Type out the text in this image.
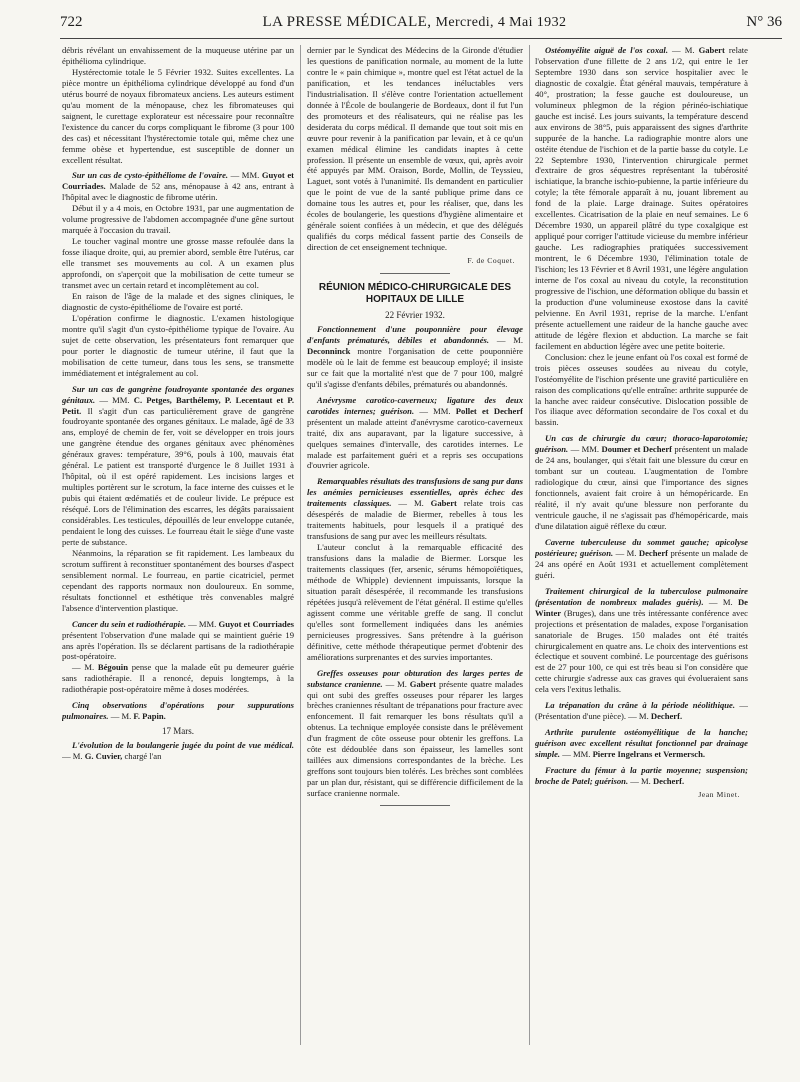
722	LA PRESSE MÉDICALE, Mercredi, 4 Mai 1932	N° 36

débris révélant un envahissement de la muqueuse utérine par un épithélioma cylindrique.

Hystérectomie totale le 5 Février 1932. Suites excellentes. La pièce montre un épithélioma cylindrique développé au fond d'un utérus bourré de noyaux fibromateux anciens. Les auteurs estiment qu'au moment de la ménopause, chez les fibromateuses qui saignent, le curettage explorateur est nécessaire pour reconnaître l'existence du cancer du corps compliquant le fibrome (3 pour 100 des cas) et nécessitant l'hystérectomie totale qui, même chez une femme obèse et hypertendue, est susceptible de donner un excellent résultat.

Sur un cas de cysto-épithéliome de l'ovaire. — MM. Guyot et Courriades. Malade de 52 ans, ménopause à 42 ans, entrant à l'hôpital avec le diagnostic de fibrome utérin.

Début il y a 4 mois, en Octobre 1931, par une augmentation de volume progressive de l'abdomen accompagnée d'une gêne surtout marquée à l'occasion du travail.

Le toucher vaginal montre une grosse masse refoulée dans la fosse iliaque droite, qui, au premier abord, semble être l'utérus, car elle transmet ses mouvements au col. A un examen plus approfondi, on s'aperçoit que la mobilisation de cette tumeur se transmet avec un certain retard et incomplètement au col.

En raison de l'âge de la malade et des signes cliniques, le diagnostic de cysto-épithéliome de l'ovaire est porté.

L'opération confirme le diagnostic. L'examen histologique montre qu'il s'agit d'un cysto-épithéliome typique de l'ovaire. Au sujet de cette observation, les présentateurs font remarquer que pour porter le diagnostic de tumeur utérine, il faut que la mobilisation de cette tumeur, dans tous les sens, se transmette immédiatement et intégralement au col.

Sur un cas de gangrène foudroyante spontanée des organes génitaux. — MM. C. Petges, Barthélemy, P. Lecentaut et P. Petit. Il s'agit d'un cas particulièrement grave de gangrène foudroyante spontanée des organes génitaux. Le malade, âgé de 33 ans, employé de chemin de fer, voit se développer en trois jours une gangrène étendue des organes génitaux avec phénomènes généraux graves: température, 39°6, pouls à 100, mauvais état général. Le patient est transporté d'urgence le 8 Juillet 1931 à l'hôpital, où il est opéré rapidement. Les incisions larges et multiples portèrent sur le scrotum, la face interne des cuisses et le pubis qui étaient œdématiés et de couleur livide. Le prépuce est réséqué. Lors de l'élimination des escarres, les dégâts paraissaient considérables. Les testicules, dépouillés de leur enveloppe cutanée, pendaient le long des cuisses. Le fourreau était le siège d'une vaste perte de substance.

Néanmoins, la réparation se fit rapidement. Les lambeaux du scrotum suffirent à reconstituer spontanément des bourses d'aspect sensiblement normal. Le fourreau, en partie cicatriciel, permet cependant des rapports normaux non douloureux. En somme, résultats fonctionnel et esthétique très convenables malgré l'absence d'intervention plastique.

Cancer du sein et radiothérapie. — MM. Guyot et Courriades présentent l'observation d'une malade qui se maintient guérie 19 ans après l'opération. Ils se déclarent partisans de la radiothérapie post-opératoire.

— M. Bégouin pense que la malade eût pu demeurer guérie sans radiothérapie. Il a renoncé, depuis longtemps, à la radiothérapie post-opératoire même à doses modérées.

Cinq observations d'opérations pour suppurations pulmonaires. — M. F. Papin.

17 Mars.

L'évolution de la boulangerie jugée du point de vue médical. — M. G. Cuvier, chargé l'an

dernier par le Syndicat des Médecins de la Gironde d'étudier les questions de panification normale, au moment de la lutte contre le « pain chimique », montre quel est l'état actuel de la panification, et les tendances inéluctables vers l'industrialisation. Il s'élève contre l'orientation actuellement donnée à l'École de boulangerie de Bordeaux, dont il fut l'un des promoteurs et des réalisateurs, qui ne réalise pas les desiderata du corps médical. Il demande que tout soit mis en œuvre pour revenir à la panification par levain, et à ce qu'un examen médical élimine les candidats inaptes à cette profession. Il présente un ensemble de vœux, qui, après avoir été appuyés par MM. Oraison, Borde, Mollin, de Teyssieu, Laguet, sont votés à l'unanimité. Ils demandent en particulier que le point de vue de la santé publique prime dans ce domaine tous les autres et, pour les réaliser, que, dans les écoles de boulangerie, les questions d'hygiène alimentaire et générale soient confiées à un médecin, et que des délégués qualifiés du corps médical fassent partie des Conseils de direction de cet enseignement technique.

F. de Coquet.

RÉUNION MÉDICO-CHIRURGICALE DES HOPITAUX DE LILLE

22 Février 1932.

Fonctionnement d'une pouponnière pour élevage d'enfants prématurés, débiles et abandonnés. — M. Deconninck montre l'organisation de cette pouponnière modèle où le lait de femme est beaucoup employé; il insiste sur ce fait que la mortalité n'est que de 7 pour 100, malgré qu'il s'agisse d'enfants débiles, prématurés ou abandonnés.

Anévrysme carotico-caverneux; ligature des deux carotides internes; guérison. — MM. Pollet et Decherf présentent un malade atteint d'anévrysme carotico-caverneux traité, dix ans auparavant, par la ligature successive, à quelques semaines d'intervalle, des carotides internes. Le malade est parfaitement guéri et a repris ses occupations d'ouvrier agricole.

Remarquables résultats des transfusions de sang pur dans les anémies pernicieuses essentielles, après échec des traitements classiques. — M. Gabert relate trois cas désespérés de maladie de Biermer, rebelles à tous les traitements habituels, pour lesquels il a pratiqué des transfusions de sang pur avec les meilleurs résultats.

L'auteur conclut à la remarquable efficacité des transfusions dans la maladie de Biermer. Lorsque les traitements classiques (fer, arsenic, sérums hémopoïétiques, méthode de Whipple) deviennent impuissants, lorsque la situation paraît désespérée, il recommande les transfusions répétées jusqu'à relèvement de l'état général. Il estime qu'elles agissent comme une véritable greffe de sang. Il conclut qu'elles sont formellement indiquées dans les anémies pernicieuses progressives. Sans prétendre à la guérison définitive, cette méthode thérapeutique permet d'obtenir des améliorations surprenantes et des survies importantes.

Greffes osseuses pour obturation des larges pertes de substance cranienne. — M. Gabert présente quatre malades qui ont subi des greffes osseuses pour réparer les larges brèches craniennes résultant de trépanations pour fracture avec enfoncement. Il fait remarquer les bons résultats qu'il a obtenus. La technique employée consiste dans le prélèvement d'un fragment de côte osseuse pour obtenir les greffons. La côte est dédoublée dans son épaisseur, les lamelles sont taillées aux dimensions correspondantes de la brèche. Les greffons sont toujours bien tolérés. Les brèches sont comblées par un plan dur, résistant, qui se différencie difficilement de la surface cranienne normale.

Ostéomyélite aiguë de l'os coxal. — M. Gabert relate l'observation d'une fillette de 2 ans 1/2, qui entre le 1er Septembre 1930 dans son service hospitalier avec le diagnostic de coxalgie. État général mauvais, température à 40°, prostration; la fesse gauche est douloureuse, un volumineux phlegmon de la région périnéo-ischiatique gauche est incisé. Les jours suivants, la température descend aux environs de 38°5, puis apparaissent des signes d'arthrite suppurée de la hanche. La radiographie montre alors une ostéite étendue de l'ischion et de la partie basse du cotyle. Le 22 Septembre 1930, l'intervention chirurgicale permet d'extraire de gros séquestres représentant la tubérosité ischiatique, la branche ischio-pubienne, la partie inférieure du cotyle; la tête fémorale apparaît à nu, jouant librement au fond de la plaie. Large drainage. Suites opératoires excellentes. Cicatrisation de la plaie en neuf semaines. Le 6 Décembre 1930, un appareil plâtré du type coxalgique est appliqué pour corriger l'attitude vicieuse du membre inférieur gauche. Les radiographies pratiquées successivement montrent, le 6 Décembre 1930, l'élimination totale de l'ischion; les 13 Février et 8 Avril 1931, une légère angulation interne de l'os coxal au niveau du cotyle, la reconstitution progressive de l'ischion, une déformation oblique du bassin et la production d'une volumineuse exostose dans la cavité pelvienne. En Avril 1931, reprise de la marche. L'enfant présente actuellement une raideur de la hanche gauche avec attitude de légère flexion et abduction. La marche se fait facilement en abduction légère avec une petite boiterie.

Conclusion: chez le jeune enfant où l'os coxal est formé de trois pièces osseuses soudées au niveau du cotyle, l'ostéomyélite de l'ischion présente une gravité particulière en raison des complications qu'elle entraîne: arthrite suppurée de la hanche avec raideur consécutive. Dislocation possible de l'os iliaque avec déformation secondaire de l'os coxal et du bassin.

Un cas de chirurgie du cœur; thoraco-laparotomie; guérison. — MM. Doumer et Decherf présentent un malade de 24 ans, boulanger, qui s'était fait une blessure du cœur en tombant sur un couteau. L'augmentation de l'ombre radiologique du cœur, ainsi que l'importance des signes fonctionnels, avaient fait croire à un hémopéricarde. En réalité, il n'y avait qu'une blessure non perforante du ventricule gauche, il ne s'agissait pas d'hémopéricarde, mais d'une dilatation aiguë réflexe du cœur.

Caverne tuberculeuse du sommet gauche; apicolyse postérieure; guérison. — M. Decherf présente un malade de 24 ans opéré en Août 1931 et actuellement complètement guéri.

Traitement chirurgical de la tuberculose pulmonaire (présentation de nombreux malades guéris). — M. De Winter (Bruges), dans une très intéressante conférence avec projections et présentation de malades, expose l'organisation sanatoriale de Bruges. 150 malades ont été traités chirurgicalement en quatre ans. Le choix des interventions est éclectique et souvent combiné. Le pourcentage des guérisons est de 27 pour 100, ce qui est très beau si l'on considère que cette chirurgie s'adresse aux cas graves qui évolueraient sans cela vers l'exitus lethalis.

La trépanation du crâne à la période néolithique. — (Présentation d'une pièce). — M. Decherf.

Arthrite purulente ostéomyélitique de la hanche; guérison avec excellent résultat fonctionnel par drainage simple. — MM. Pierre Ingelrans et Vermersch.

Fracture du fémur à la partie moyenne; suspension; broche de Patel; guérison. — M. Decherf.

Jean Minet.
